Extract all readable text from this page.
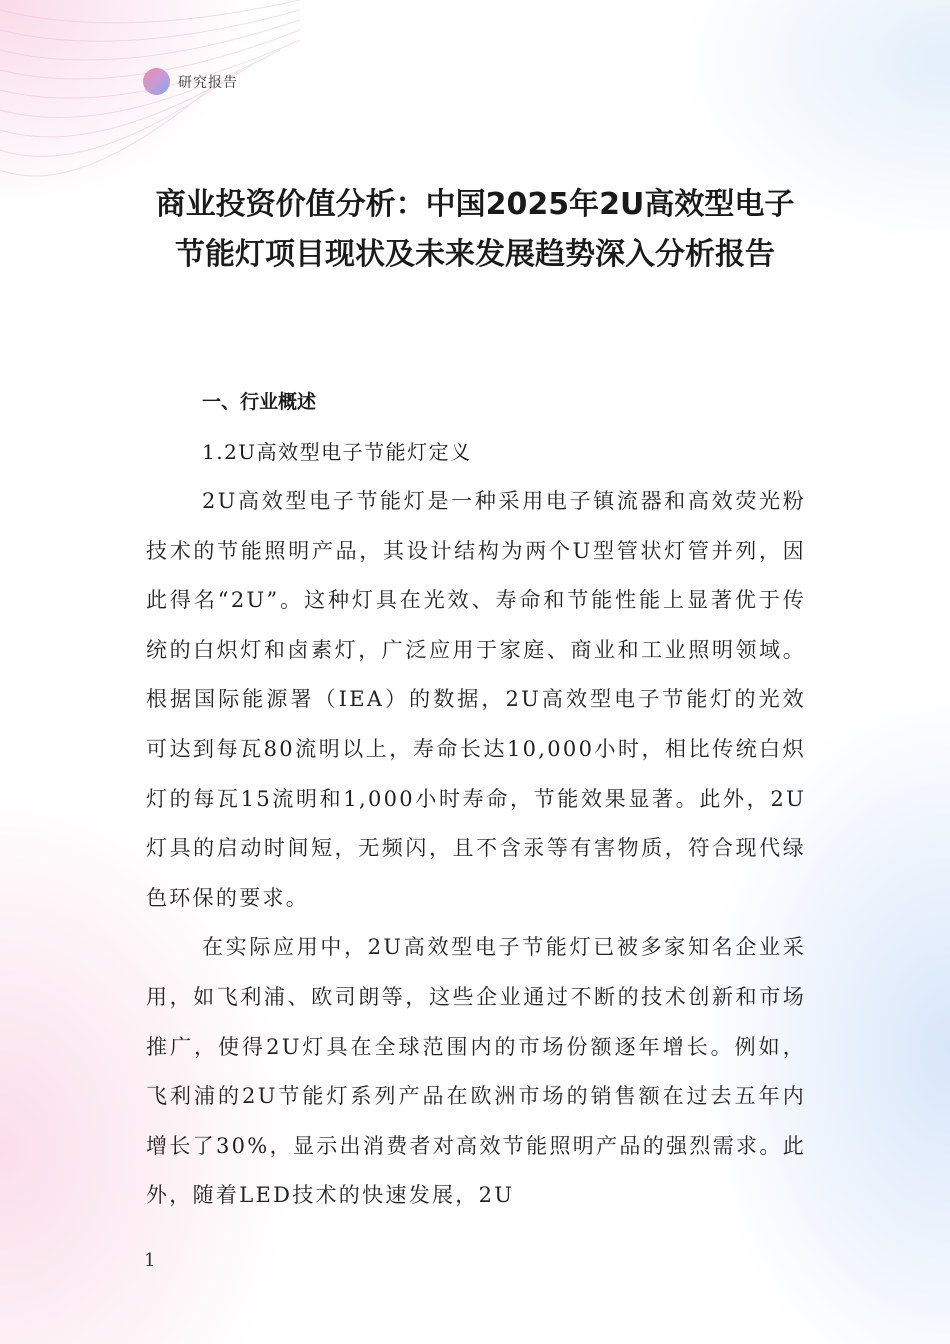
研究报告
商业投资价值分析：中国2025年2U高效型电子节能灯项目现状及未来发展趋势深入分析报告
一、行业概述
1.2U高效型电子节能灯定义

2U高效型电子节能灯是一种采用电子镇流器和高效荧光粉技术的节能照明产品，其设计结构为两个U型管状灯管并列，因此得名“2U”。这种灯具在光效、寿命和节能性能上显著优于传统的白炽灯和卤素灯，广泛应用于家庭、商业和工业照明领域。根据国际能源署（IEA）的数据，2U高效型电子节能灯的光效可达到每瓦80流明以上，寿命长达10,000小时，相比传统白炽灯的每瓦15流明和1,000小时寿命，节能效果显著。此外，2U灯具的启动时间短，无频闪，且不含汞等有害物质，符合现代绿色环保的要求。

在实际应用中，2U高效型电子节能灯已被多家知名企业采用，如飞利浦、欧司朗等，这些企业通过不断的技术创新和市场推广，使得2U灯具在全球范围内的市场份额逐年增长。例如，飞利浦的2U节能灯系列产品在欧洲市场的销售额在过去五年内增长了30%，显示出消费者对高效节能照明产品的强烈需求。此外，随着LED技术的快速发展，2U

1
